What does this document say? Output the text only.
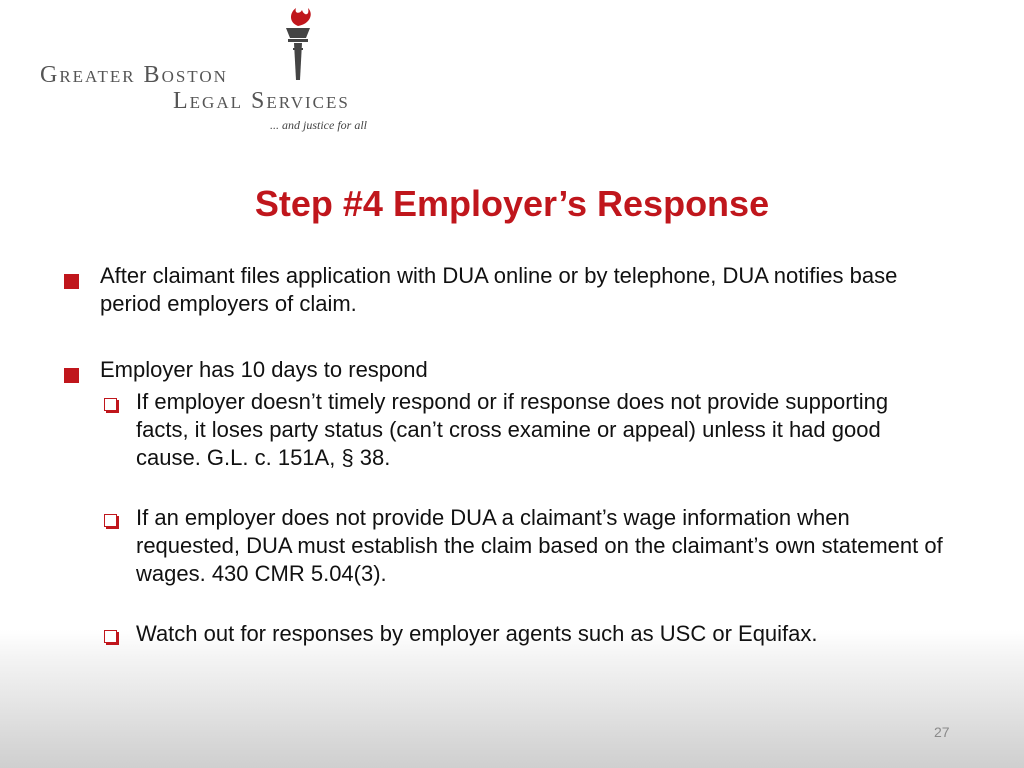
Greater Boston
Legal Services
... and justice for all
Step #4 Employer’s Response
After claimant files application with DUA online or by telephone, DUA notifies base period employers of claim.
Employer has 10 days to respond
If employer doesn’t timely respond or if response does not provide supporting facts, it loses party status (can’t cross examine or appeal) unless it had good cause. G.L. c. 151A, § 38.
If an employer does not provide DUA a claimant’s wage information when requested, DUA must establish the claim based on the claimant’s own statement of wages. 430 CMR 5.04(3).
Watch out for responses by employer agents such as USC or Equifax.
27
